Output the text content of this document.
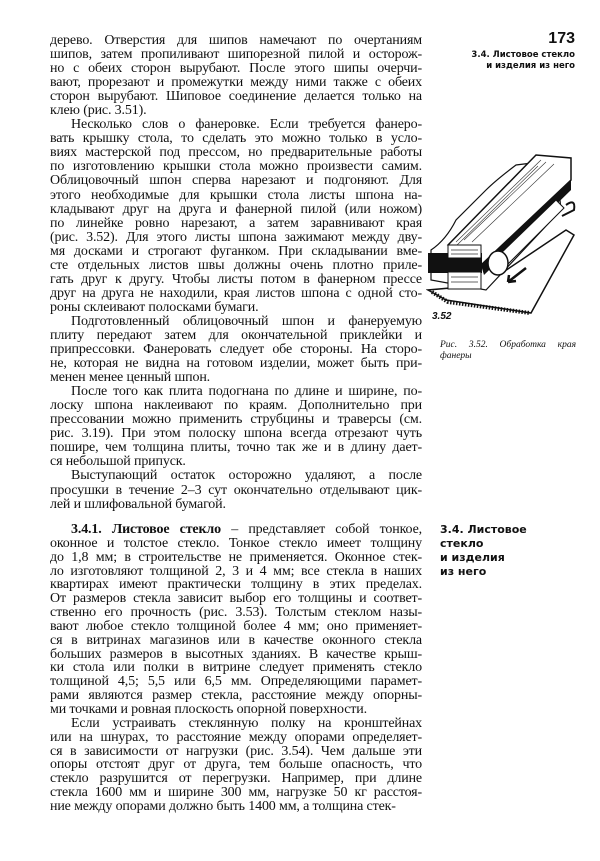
173
3.4. Листовое стекло
и изделия из него
дерево. Отверстия для шипов намечают по очертаниям
шипов, затем пропиливают шипорезной пилой и осторож-
но с обеих сторон вырубают. После этого шипы очерчи-
вают, прорезают и промежутки между ними также с обеих
сторон вырубают. Шиповое соединение делается только на
клею (рис. 3.51).
Несколько слов о фанеровке. Если требуется фанеро-
вать крышку стола, то сделать это можно только в усло-
виях мастерской под прессом, но предварительные работы
по изготовлению крышки стола можно произвести самим.
Облицовочный шпон сперва нарезают и подгоняют. Для
этого необходимые для крышки стола листы шпона на-
кладывают друг на друга и фанерной пилой (или ножом)
по линейке ровно нарезают, а затем заравнивают края
(рис. 3.52). Для этого листы шпона зажимают между дву-
мя досками и строгают фуганком. При складывании вме-
сте отдельных листов швы должны очень плотно приле-
гать друг к другу. Чтобы листы потом в фанерном прессе
друг на друга не находили, края листов шпона с одной сто-
роны склеивают полосками бумаги.
Подготовленный облицовочный шпон и фанеруемую
плиту передают затем для окончательной приклейки и
припрессовки. Фанеровать следует обе стороны. На сторо-
не, которая не видна на готовом изделии, может быть при-
менен менее ценный шпон.
После того как плита подогнана по длине и ширине, по-
лоску шпона наклеивают по краям. Дополнительно при
прессовании можно применить струбцины и траверсы (см.
рис. 3.19). При этом полоску шпона всегда отрезают чуть
пошире, чем толщина плиты, точно так же и в длину дает-
ся небольшой припуск.
Выступающий остаток осторожно удаляют, а после
просушки в течение 2–3 сут окончательно отделывают цик-
лей и шлифовальной бумагой.
3.52
Рис. 3.52. Обработка края
фанеры
3.4.1. Листовое стекло – представляет собой тонкое,
оконное и толстое стекло. Тонкое стекло имеет толщину
до 1,8 мм; в строительстве не применяется. Оконное стек-
ло изготовляют толщиной 2, 3 и 4 мм; все стекла в наших
квартирах имеют практически толщину в этих пределах.
От размеров стекла зависит выбор его толщины и соответ-
ственно его прочность (рис. 3.53). Толстым стеклом назы-
вают любое стекло толщиной более 4 мм; оно применяет-
ся в витринах магазинов или в качестве оконного стекла
больших размеров в высотных зданиях. В качестве крыш-
ки стола или полки в витрине следует применять стекло
толщиной 4,5; 5,5 или 6,5 мм. Определяющими парамет-
рами являются размер стекла, расстояние между опорны-
ми точками и ровная плоскость опорной поверхности.
Если устраивать стеклянную полку на кронштейнах
или на шнурах, то расстояние между опорами определяет-
ся в зависимости от нагрузки (рис. 3.54). Чем дальше эти
опоры отстоят друг от друга, тем больше опасность, что
стекло разрушится от перегрузки. Например, при длине
стекла 1600 мм и ширине 300 мм, нагрузке 50 кг расстоя-
ние между опорами должно быть 1400 мм, а толщина стек-
3.4. Листовое
стекло
и изделия
из него
